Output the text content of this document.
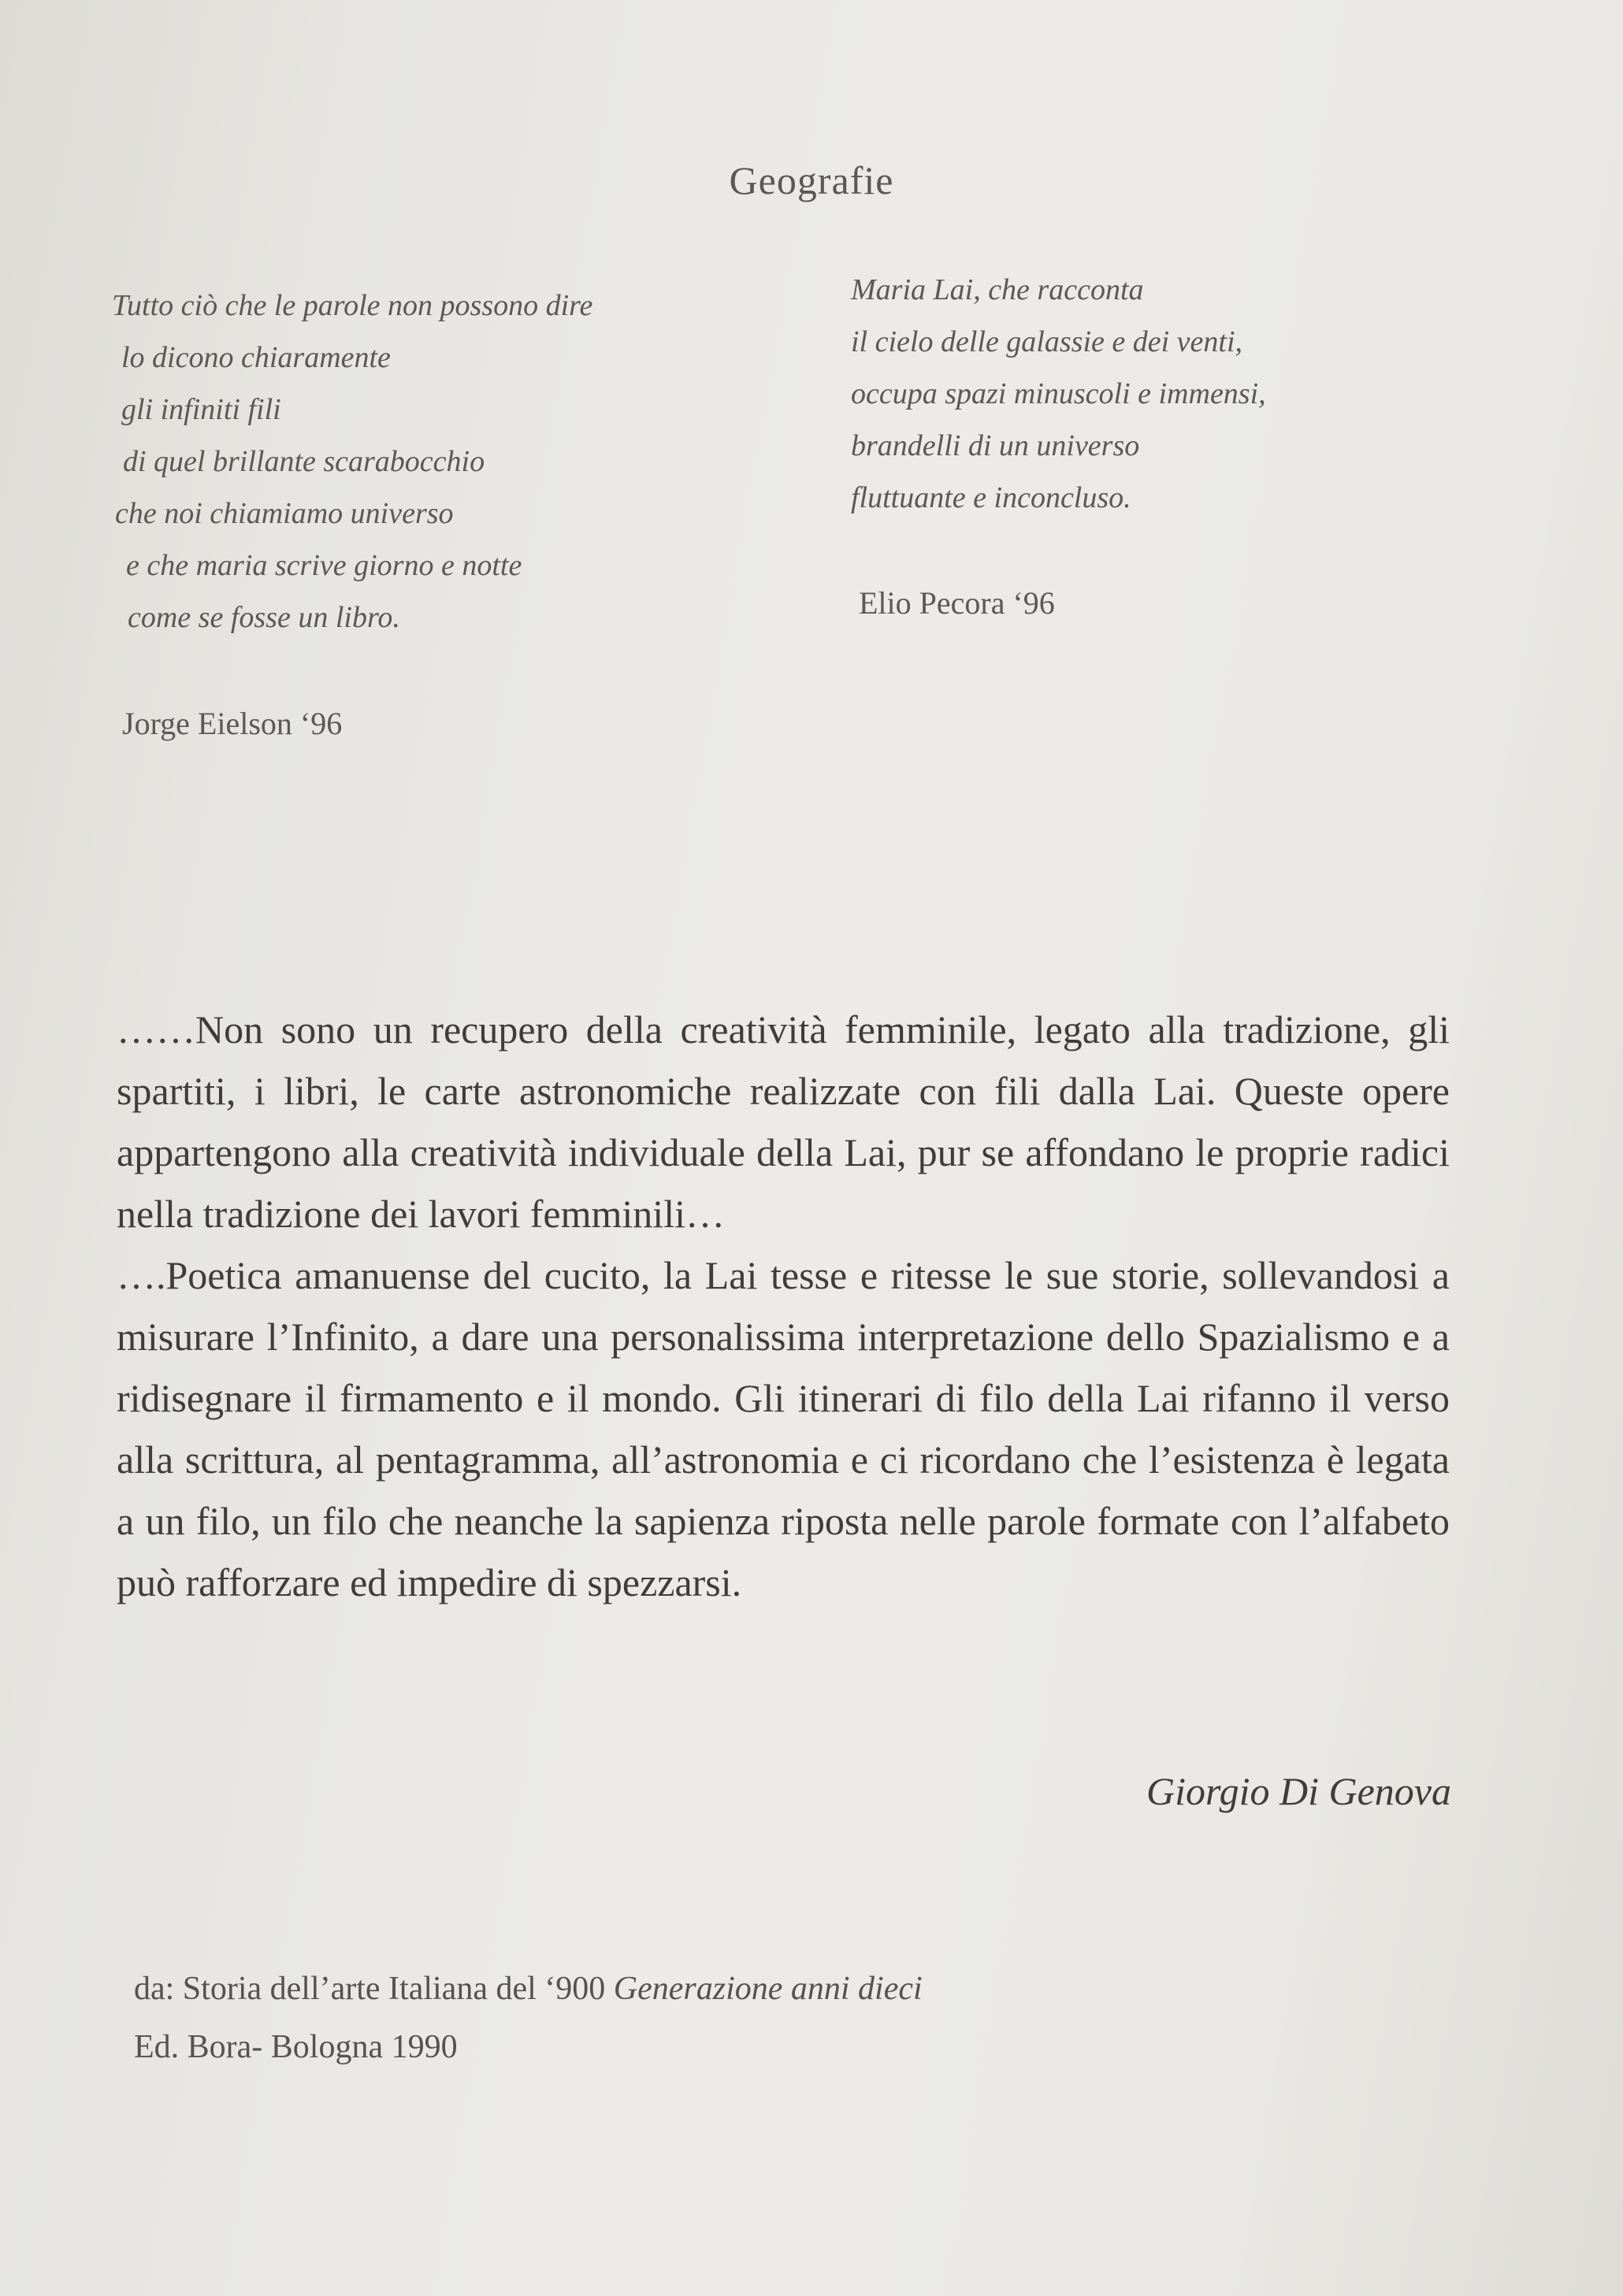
Geografie
Tutto ciò che le parole non possono dire
lo dicono chiaramente
gli infiniti fili
di quel brillante scarabocchio
che noi chiamiamo universo
e che maria scrive giorno e notte
come se fosse un libro.
Jorge Eielson ‘96
Maria Lai, che racconta
il cielo delle galassie e dei venti,
occupa spazi minuscoli e immensi,
brandelli di un universo
fluttuante e inconcluso.
Elio Pecora ‘96

……Non sono un recupero della creatività femminile, legato alla tradizione, gli spartiti, i libri, le carte astronomiche realizzate con fili dalla Lai. Queste opere appartengono alla creatività individuale della Lai, pur se affondano le proprie radici nella tradizione dei lavori femminili…

….Poetica amanuense del cucito, la Lai tesse e ritesse le sue storie, sollevandosi a misurare l’Infinito, a dare una personalissima interpretazione dello Spazialismo e a ridisegnare il firmamento e il mondo. Gli itinerari di filo della Lai rifanno il verso alla scrittura, al pentagramma, all’astronomia e ci ricordano che l’esistenza è legata a un filo, un filo che neanche la sapienza riposta nelle parole formate con l’alfabeto può rafforzare ed impedire di spezzarsi.

Giorgio Di Genova
da: Storia dell’arte Italiana del ‘900 Generazione anni dieci
Ed. Bora- Bologna 1990
